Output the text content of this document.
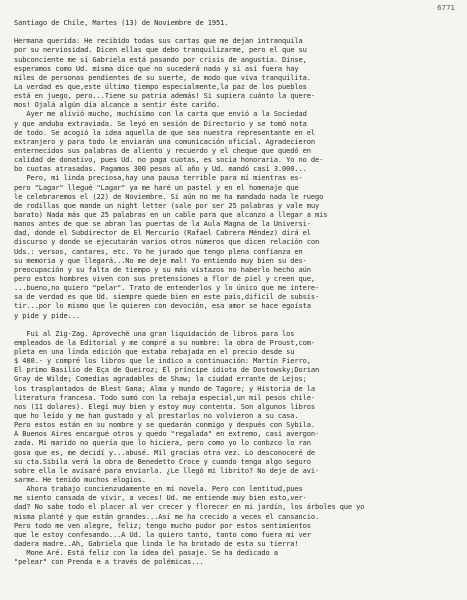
6771
Santiago de Chile, Martes (13) de Noviembre de 1951.
Hermana querida: He recibido todas sus cartas que me dejan intranquila
por su nerviosidad. Dicen ellas que debo tranquilizarme, pero el que su
subconciente me sí Gabriela está pasando por crisis de angustia. Dinse,
esperamos como Ud. misma dice que no sucederá nada y si así fuera hay
miles de personas pendientes de su suerte, de modo que viva tranquilita.
La verdad es que,este último tiempo especialmente,la paz de los pueblos
está en juego, pero...Tiene su patria además! Si supiera cuánto la quere-
mos! Ojalá algún día alcance a sentir éste cariño.
Ayer me alivió mucho, muchísimo con la carta que envió a la Sociedad
y que anduba extraviada. Se leyó en sesión de Directorio y se tomó nota
de todo. Se acogió la idea aquella de que sea nuestra representante en el
extranjero y para todo le enviarán una comunicación oficial. Agradecieron
enternecidos sus palabras de aliento y recuerdo y el cheque que quedó en
calidad de donativo, pues Ud. no paga cuotas, es socia honoraria. Yo no de-
bo cuotas atrasadas. Pagamos 300 pesos al año y Ud. mandó casi 3.000...
Pero, mi linda preciosa,hay una pausa terrible para mí mientras es-
pero "Lagar" llegué "Lagar" ya me haré un pastel y en el homenaje que
le celebraremos el (22) de Noviembre. Sí aún no me ha mandado nada le ruego
de rodillas que mande un night letter (sale por ser 25 palabras y vale muy
barato) Nada más que 25 palabras en un cable para que alcanzo a llegar a mis
manos antes de que se abran las puertas de la Aula Magna de la Universi-
dad, donde el Subdirector de El Mercurio (Rafael Cabrera Méndez) dirá el
discurso y donde se ejecutarán varios otros números que dicen relación con
Uds.: versos, cantares, etc. Yo he jurado que tengo plena confianza en
su memoria y que llegará...No me deje mal! Yo entiendo muy bien su des-
preocupación y su falta de tiempo y su más vistazos no haberlo hecho aún
pero estos hombres viven con sus pretensiones a flor de piel y creen que,
...bueno,no quiero "pelar". Trato de entenderlos y lo único que me intere-
sa de verdad es que Ud. siempre quede bien en este país,difícil de subsis-
tir...por lo mismo que le quieren con devoción, esa amor se hace egoísta
y pide y pide...
Fui al Zig-Zag. Aproveché una gran liquidación de libros para los
empleados de la Editorial y me compré a su nombre: la obra de Proust,com-
pleta en una linda edición que estaba rebajada en el precio desde su
$ 480.- y compré los libros que le indico a continuación: Martín Fierro,
El primo Basilio de Eça de Queiroz; El príncipe idiota de Dostowsky;Dorian
Gray de Wilde; Comedias agradables de Shaw; la ciudad errante de Lejos;
los trasplantados de Blest Gana; Alma y mundo de Tagore; y Historia de la
literatura francesa. Todo sumó con la rebaja especial,un mil pesos chile-
nos (11 dolares). Elegí muy bien y estoy muy contenta. Son algunos libros
que ho leído y me han gustado y al prestarlos no volvieron a su casa.
Pero estos están en su nombre y se quedarán conmigo y después con Sybila.
A Buenos Aires encargué otros y quedo "regalada" en extremo, casi avergon-
zada. Mi marido no quería que lo hiciera, pero como yo lo conbzco lo ran
gosa que es, me decidí y...abusé. Mil gracias otra vez. Lo desconoceré de
su cta.Sibila verá la obra de Benedetto Croce y cuando tenga algo seguro
sobre ella le avisaré para enviarla. ¿Le llegó mi librito? No deje de avi-
sarme. He tenido muchos elogios.
Ahora trabajo concienzudamente en mi novela. Pero con lentitud,pues
me siento cansada de vivir, a veces! Ud. me entiende muy bien esto,ver-
dad? No sabe todo el placer al ver crecer y florecer en mi jardín, los árboles que yo
misma planté y que están grandes...Así me ha crecido a veces el cansancio.
Pero todo me ven alegre, feliz; tengo mucho pudor por estos sentimientos
que le estoy confesando...A Ud. la quiero tanto, tanto como fuera mi ver
dadera madre..Ah, Gabriela que linda le ha brotado de esta su tierra!
Mone Aré. Está feliz con la idea del pasaje. Se ha dedicado a
"pelear" con Prenda e a través de polémicas...
